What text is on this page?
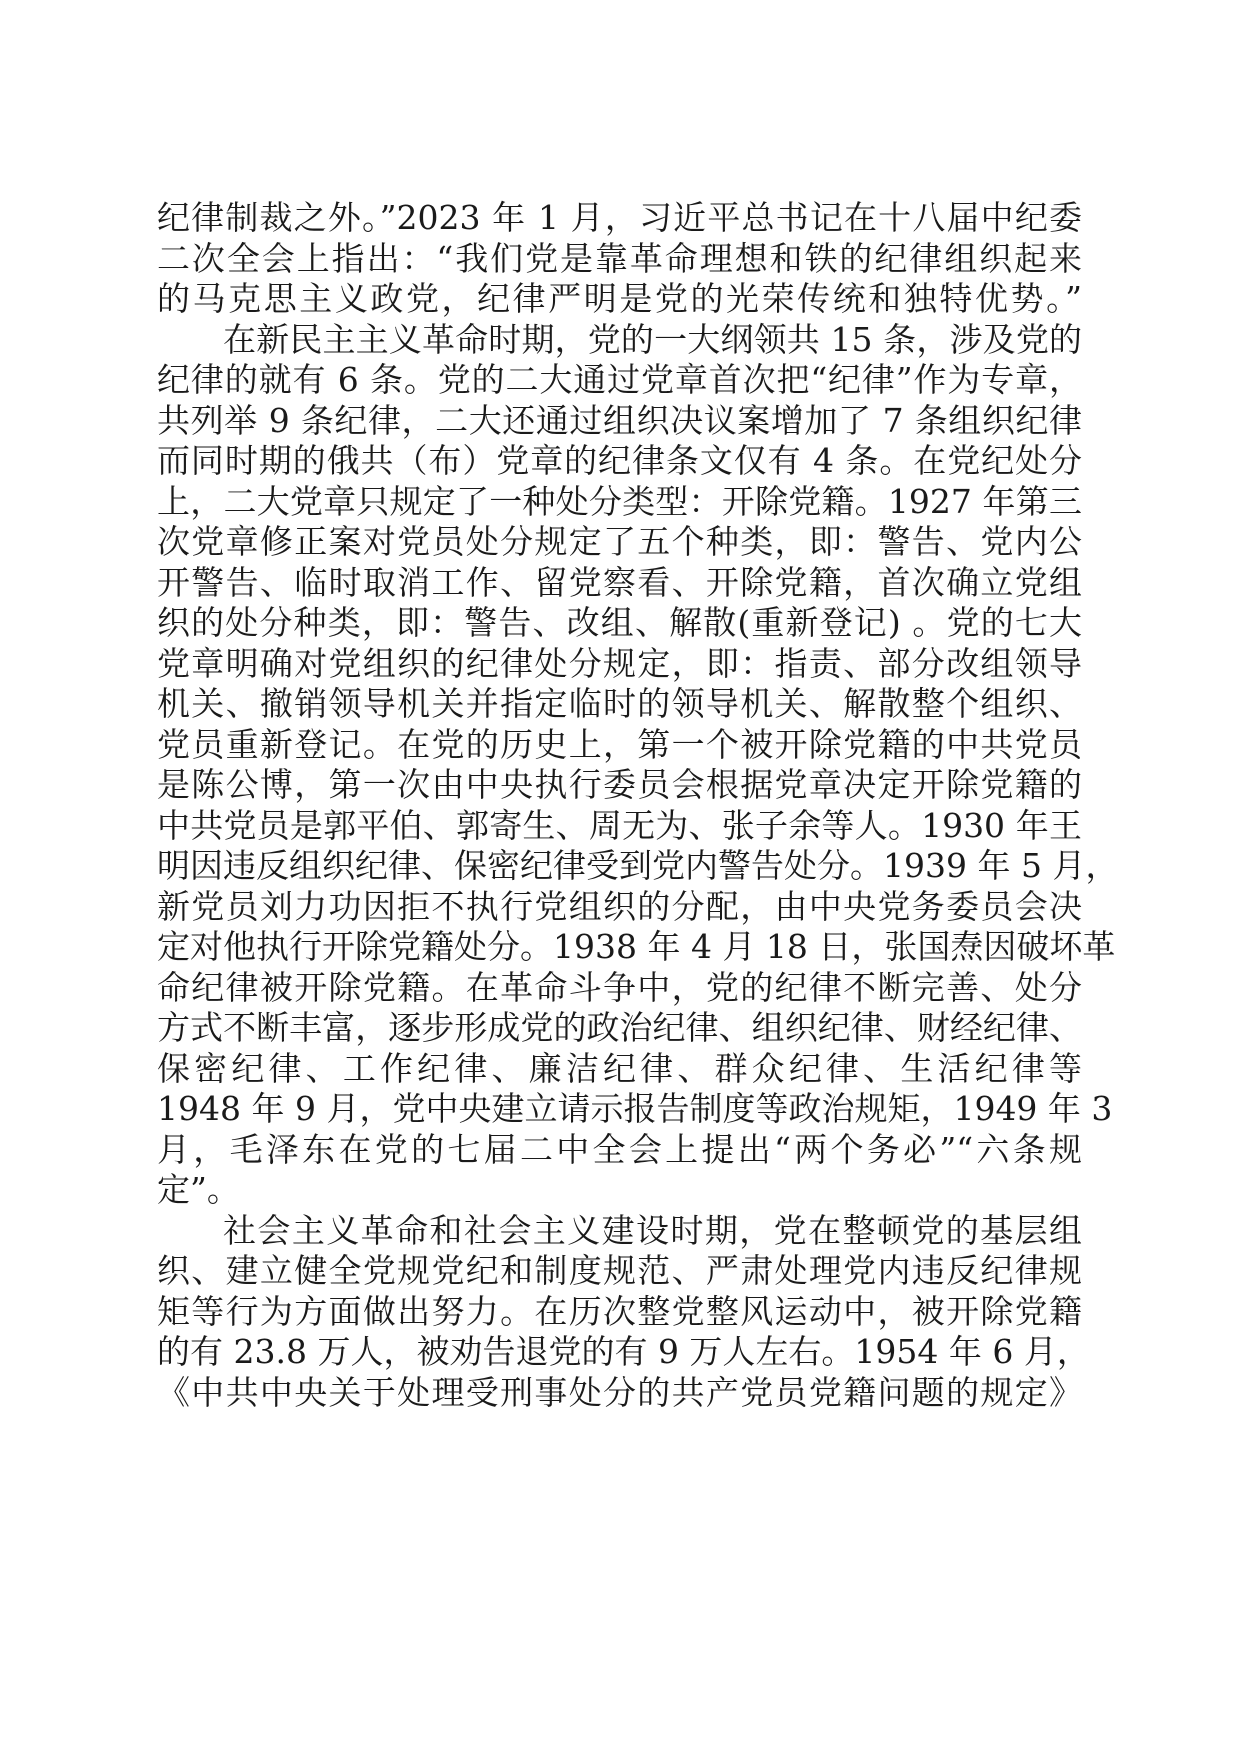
纪律制裁之外。”2023 年 1 月，习近平总书记在十八届中纪委
二次全会上指出：“我们党是靠革命理想和铁的纪律组织起来
的马克思主义政党，纪律严明是党的光荣传统和独特优势。”
在新民主主义革命时期，党的一大纲领共 15 条，涉及党的
纪律的就有 6 条。党的二大通过党章首次把“纪律”作为专章，
共列举 9 条纪律，二大还通过组织决议案增加了 7 条组织纪律
而同时期的俄共（布）党章的纪律条文仅有 4 条。在党纪处分
上，二大党章只规定了一种处分类型：开除党籍。1927 年第三
次党章修正案对党员处分规定了五个种类，即：警告、党内公
开警告、临时取消工作、留党察看、开除党籍，首次确立党组
织的处分种类，即：警告、改组、解散(重新登记) 。党的七大
党章明确对党组织的纪律处分规定，即：指责、部分改组领导
机关、撤销领导机关并指定临时的领导机关、解散整个组织、
党员重新登记。在党的历史上，第一个被开除党籍的中共党员
是陈公博，第一次由中央执行委员会根据党章决定开除党籍的
中共党员是郭平伯、郭寄生、周无为、张子余等人。1930 年王
明因违反组织纪律、保密纪律受到党内警告处分。1939 年 5 月，
新党员刘力功因拒不执行党组织的分配，由中央党务委员会决
定对他执行开除党籍处分。1938 年 4 月 18 日，张国焘因破坏革
命纪律被开除党籍。在革命斗争中，党的纪律不断完善、处分
方式不断丰富，逐步形成党的政治纪律、组织纪律、财经纪律、
保密纪律、工作纪律、廉洁纪律、群众纪律、生活纪律等
1948 年 9 月，党中央建立请示报告制度等政治规矩，1949 年 3
月，毛泽东在党的七届二中全会上提出“两个务必”“六条规
定”。
社会主义革命和社会主义建设时期，党在整顿党的基层组
织、建立健全党规党纪和制度规范、严肃处理党内违反纪律规
矩等行为方面做出努力。在历次整党整风运动中，被开除党籍
的有 23.8 万人，被劝告退党的有 9 万人左右。1954 年 6 月，
《中共中央关于处理受刑事处分的共产党员党籍问题的规定》
